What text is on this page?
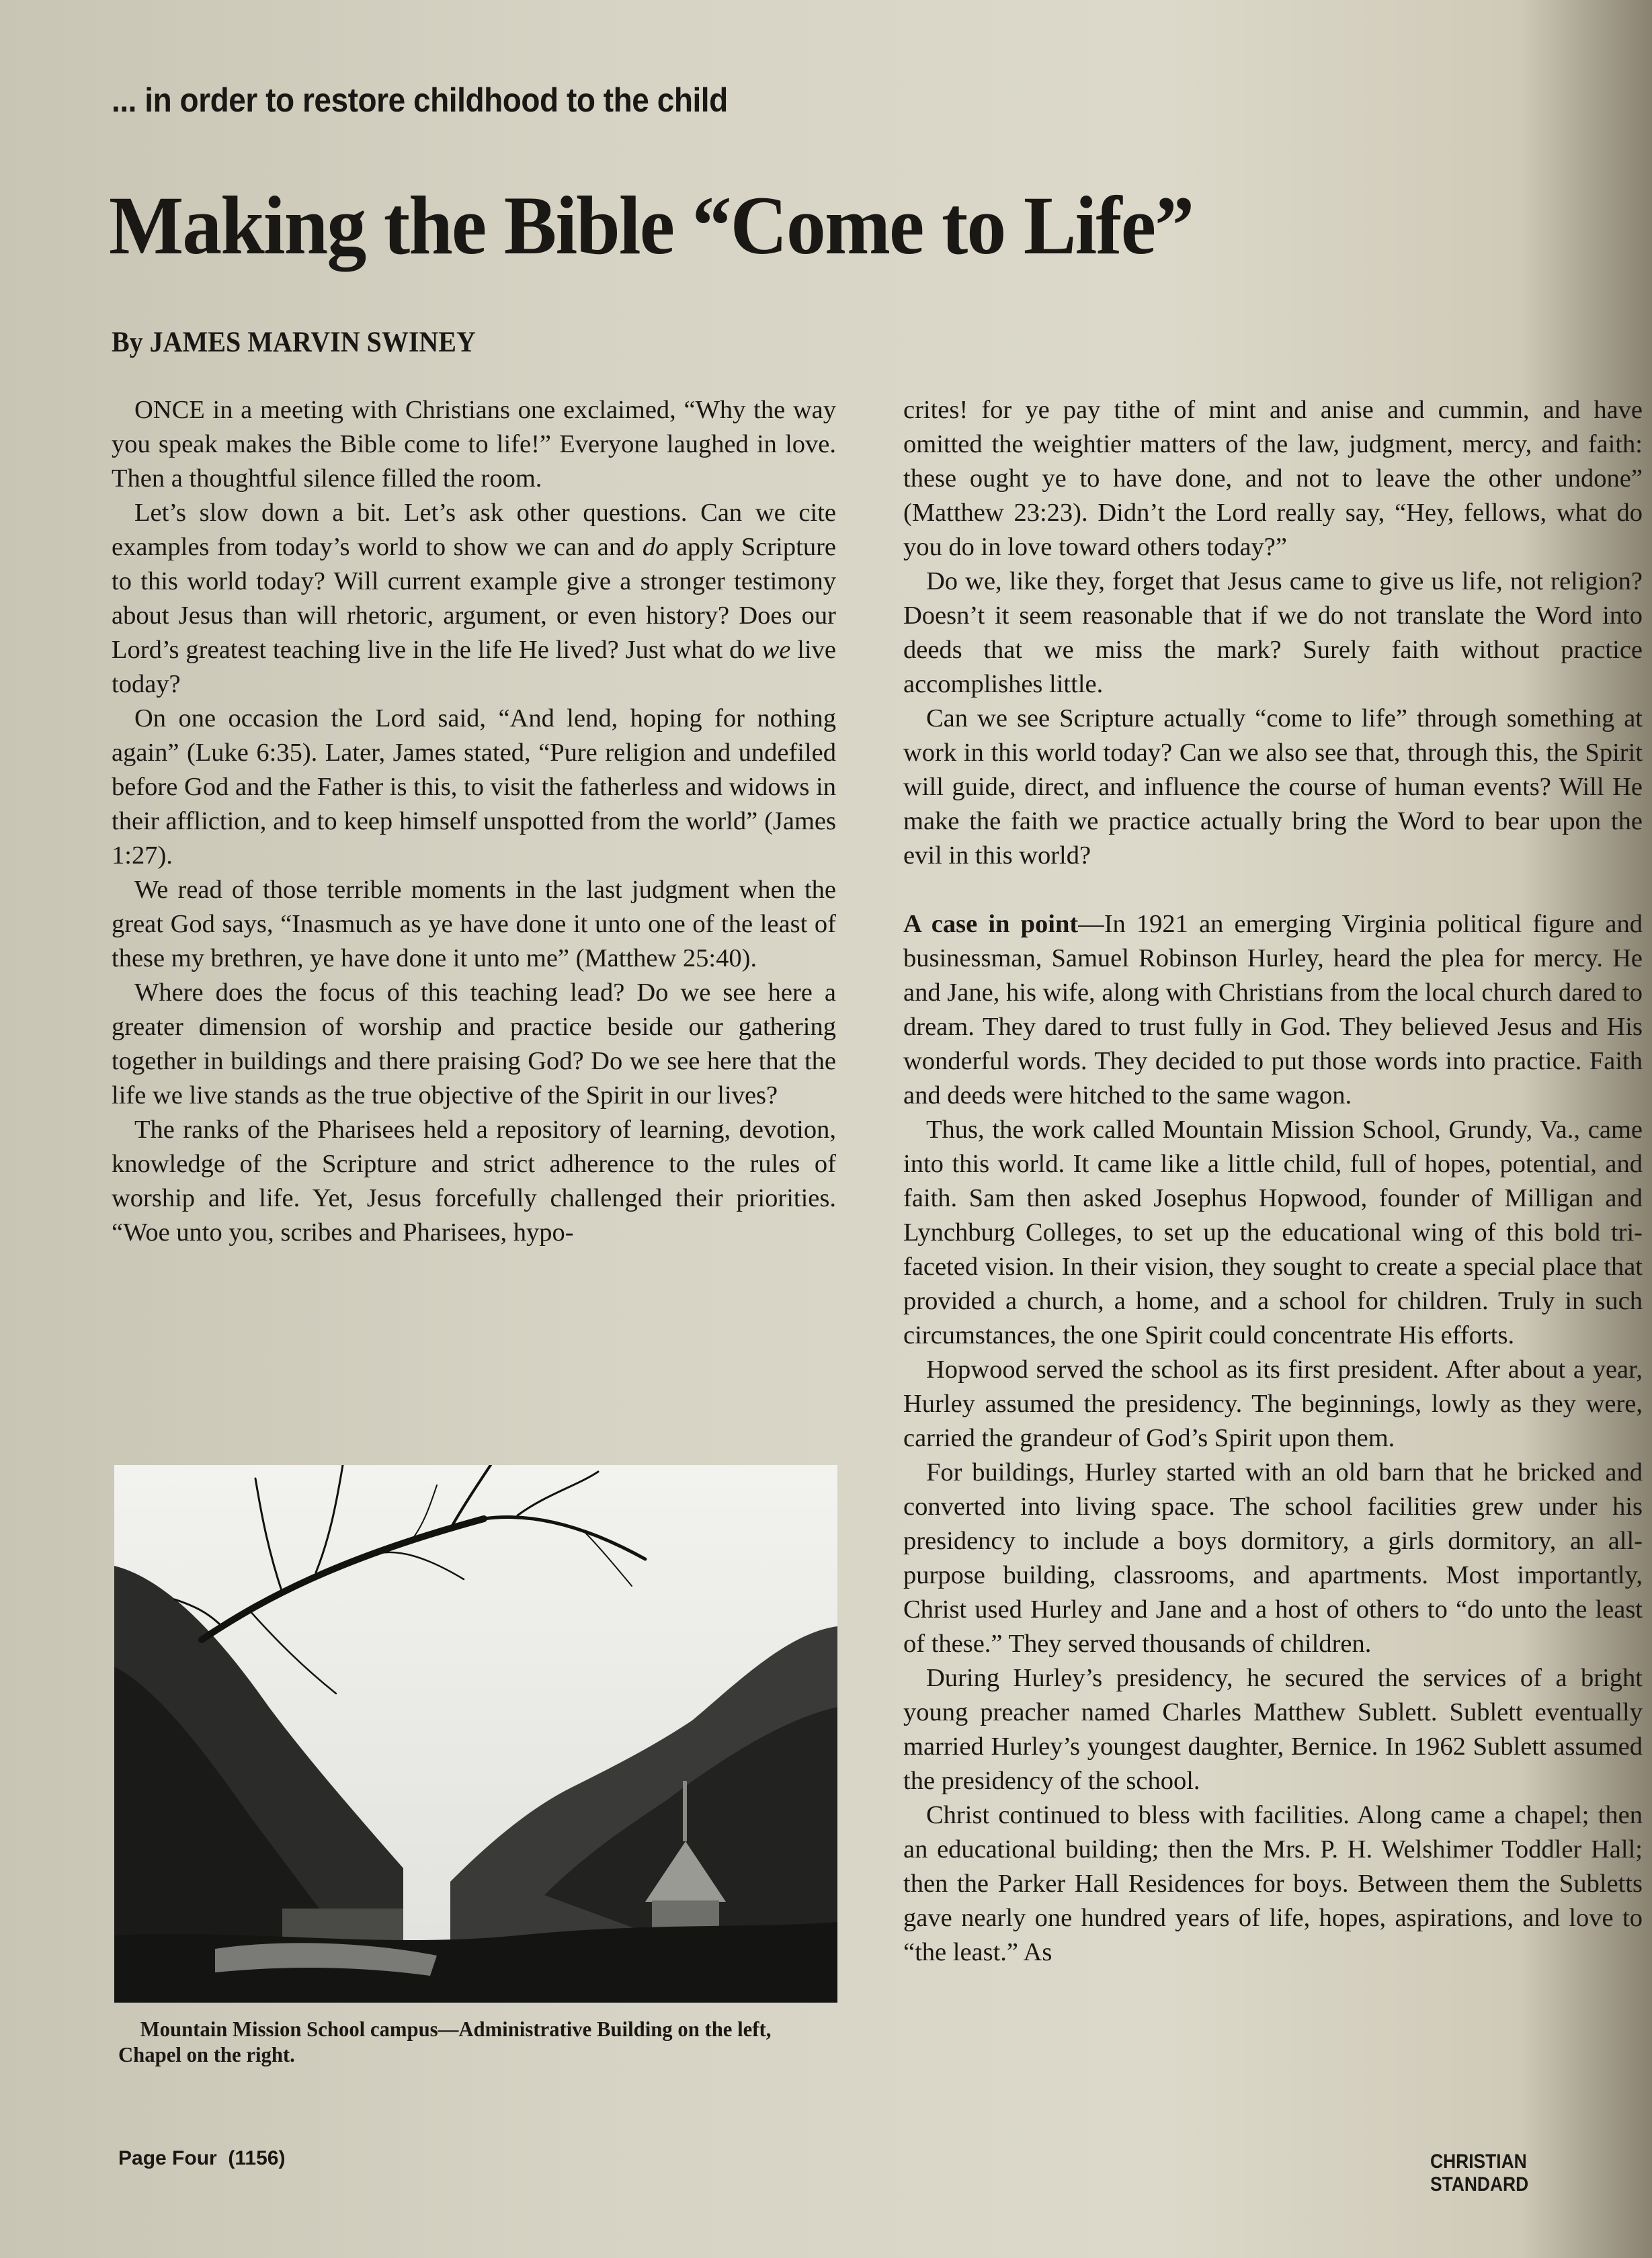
... in order to restore childhood to the child
Making the Bible “Come to Life”
By JAMES MARVIN SWINEY

ONCE in a meeting with Christians one exclaimed, “Why the way you speak makes the Bible come to life!” Everyone laughed in love. Then a thoughtful silence filled the room.

Let’s slow down a bit. Let’s ask other questions. Can we cite examples from today’s world to show we can and do apply Scripture to this world today? Will current example give a stronger testimony about Jesus than will rhetoric, argument, or even history? Does our Lord’s greatest teaching live in the life He lived? Just what do we live today?

On one occasion the Lord said, “And lend, hoping for nothing again” (Luke 6:35). Later, James stated, “Pure religion and undefiled before God and the Father is this, to visit the fatherless and widows in their affliction, and to keep himself unspotted from the world” (James 1:27).

We read of those terrible moments in the last judgment when the great God says, “Inasmuch as ye have done it unto one of the least of these my brethren, ye have done it unto me” (Matthew 25:40).

Where does the focus of this teaching lead? Do we see here a greater dimension of worship and practice beside our gathering together in buildings and there praising God? Do we see here that the life we live stands as the true objective of the Spirit in our lives?

The ranks of the Pharisees held a repository of learning, devotion, knowledge of the Scripture and strict adherence to the rules of worship and life. Yet, Jesus forcefully challenged their priorities. “Woe unto you, scribes and Pharisees, hypo-

Mountain Mission School campus—Administrative Building on the left, Chapel on the right.

crites! for ye pay tithe of mint and anise and cummin, and have omitted the weightier matters of the law, judgment, mercy, and faith: these ought ye to have done, and not to leave the other undone” (Matthew 23:23). Didn’t the Lord really say, “Hey, fellows, what do you do in love toward others today?”

Do we, like they, forget that Jesus came to give us life, not religion? Doesn’t it seem reasonable that if we do not translate the Word into deeds that we miss the mark? Surely faith without practice accomplishes little.

Can we see Scripture actually “come to life” through something at work in this world today? Can we also see that, through this, the Spirit will guide, direct, and influence the course of human events? Will He make the faith we practice actually bring the Word to bear upon the evil in this world?

A case in point—In 1921 an emerging Virginia political figure and businessman, Samuel Robinson Hurley, heard the plea for mercy. He and Jane, his wife, along with Christians from the local church dared to dream. They dared to trust fully in God. They believed Jesus and His wonderful words. They decided to put those words into practice. Faith and deeds were hitched to the same wagon.

Thus, the work called Mountain Mission School, Grundy, Va., came into this world. It came like a little child, full of hopes, potential, and faith. Sam then asked Josephus Hopwood, founder of Milligan and Lynchburg Colleges, to set up the educational wing of this bold tri-faceted vision. In their vision, they sought to create a special place that provided a church, a home, and a school for children. Truly in such circumstances, the one Spirit could concentrate His efforts.

Hopwood served the school as its first president. After about a year, Hurley assumed the presidency. The beginnings, lowly as they were, carried the grandeur of God’s Spirit upon them.

For buildings, Hurley started with an old barn that he bricked and converted into living space. The school facilities grew under his presidency to include a boys dormitory, a girls dormitory, an all-purpose building, classrooms, and apartments. Most importantly, Christ used Hurley and Jane and a host of others to “do unto the least of these.” They served thousands of children.

During Hurley’s presidency, he secured the services of a bright young preacher named Charles Matthew Sublett. Sublett eventually married Hurley’s youngest daughter, Bernice. In 1962 Sublett assumed the presidency of the school.

Christ continued to bless with facilities. Along came a chapel; then an educational building; then the Mrs. P. H. Welshimer Toddler Hall; then the Parker Hall Residences for boys. Between them the Subletts gave nearly one hundred years of life, hopes, aspirations, and love to “the least.” As

Page Four (1156)	CHRISTIAN STANDARD
